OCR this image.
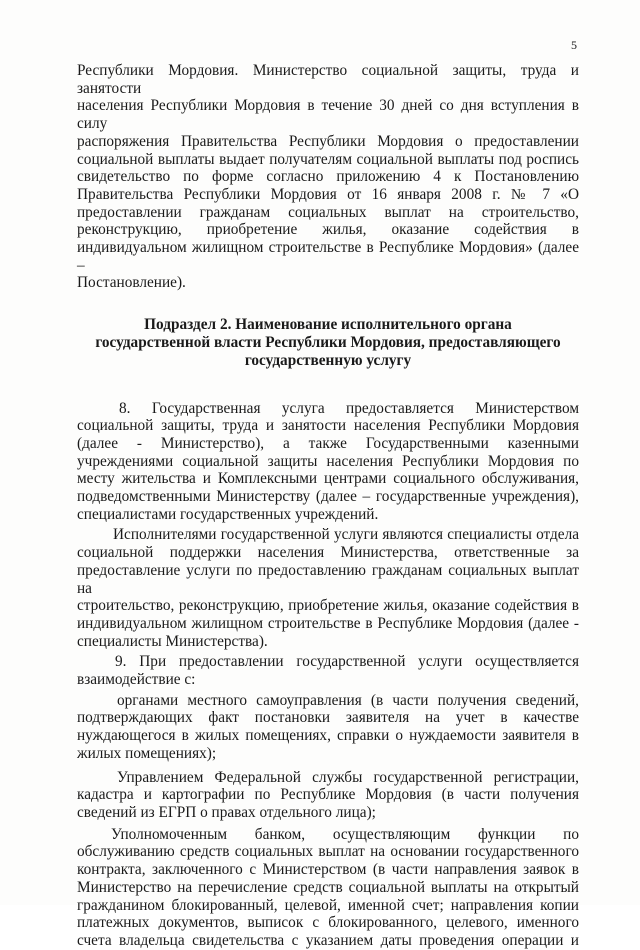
5
Республики Мордовия. Министерство социальной защиты, труда и занятости
населения Республики Мордовия в течение 30 дней со дня вступления в силу
распоряжения Правительства Республики Мордовия о предоставлении
социальной выплаты выдает получателям социальной выплаты под роспись
свидетельство по форме согласно приложению 4 к Постановлению
Правительства Республики Мордовия от 16 января 2008 г. № 7 «О
предоставлении гражданам социальных выплат на строительство,
реконструкцию, приобретение жилья, оказание содействия в
индивидуальном жилищном строительстве в Республике Мордовия» (далее –
Постановление).
Подраздел 2. Наименование исполнительного органа
государственной власти Республики Мордовия, предоставляющего
государственную услугу
8. Государственная услуга предоставляется Министерством
социальной защиты, труда и занятости населения Республики Мордовия
(далее - Министерство), а также Государственными казенными
учреждениями социальной защиты населения Республики Мордовия по
месту жительства и Комплексными центрами социального обслуживания,
подведомственными Министерству (далее – государственные учреждения),
специалистами государственных учреждений.
Исполнителями государственной услуги являются специалисты отдела
социальной поддержки населения Министерства, ответственные за
предоставление услуги по предоставлению гражданам социальных выплат на
строительство, реконструкцию, приобретение жилья, оказание содействия в
индивидуальном жилищном строительстве в Республике Мордовия (далее -
специалисты Министерства).
9. При предоставлении государственной услуги осуществляется
взаимодействие с:
органами местного самоуправления (в части получения сведений,
подтверждающих факт постановки заявителя на учет в качестве
нуждающегося в жилых помещениях, справки о нуждаемости заявителя в
жилых помещениях);
Управлением Федеральной службы государственной регистрации,
кадастра и картографии по Республике Мордовия (в части получения
сведений из ЕГРП о правах отдельного лица);
Уполномоченным банком, осуществляющим функции по
обслуживанию средств социальных выплат на основании государственного
контракта, заключенного с Министерством (в части направления заявок в
Министерство на перечисление средств социальной выплаты на открытый
гражданином блокированный, целевой, именной счет; направления копии
платежных документов, выписок с блокированного, целевого, именного
счета владельца свидетельства с указанием даты проведения операции и
